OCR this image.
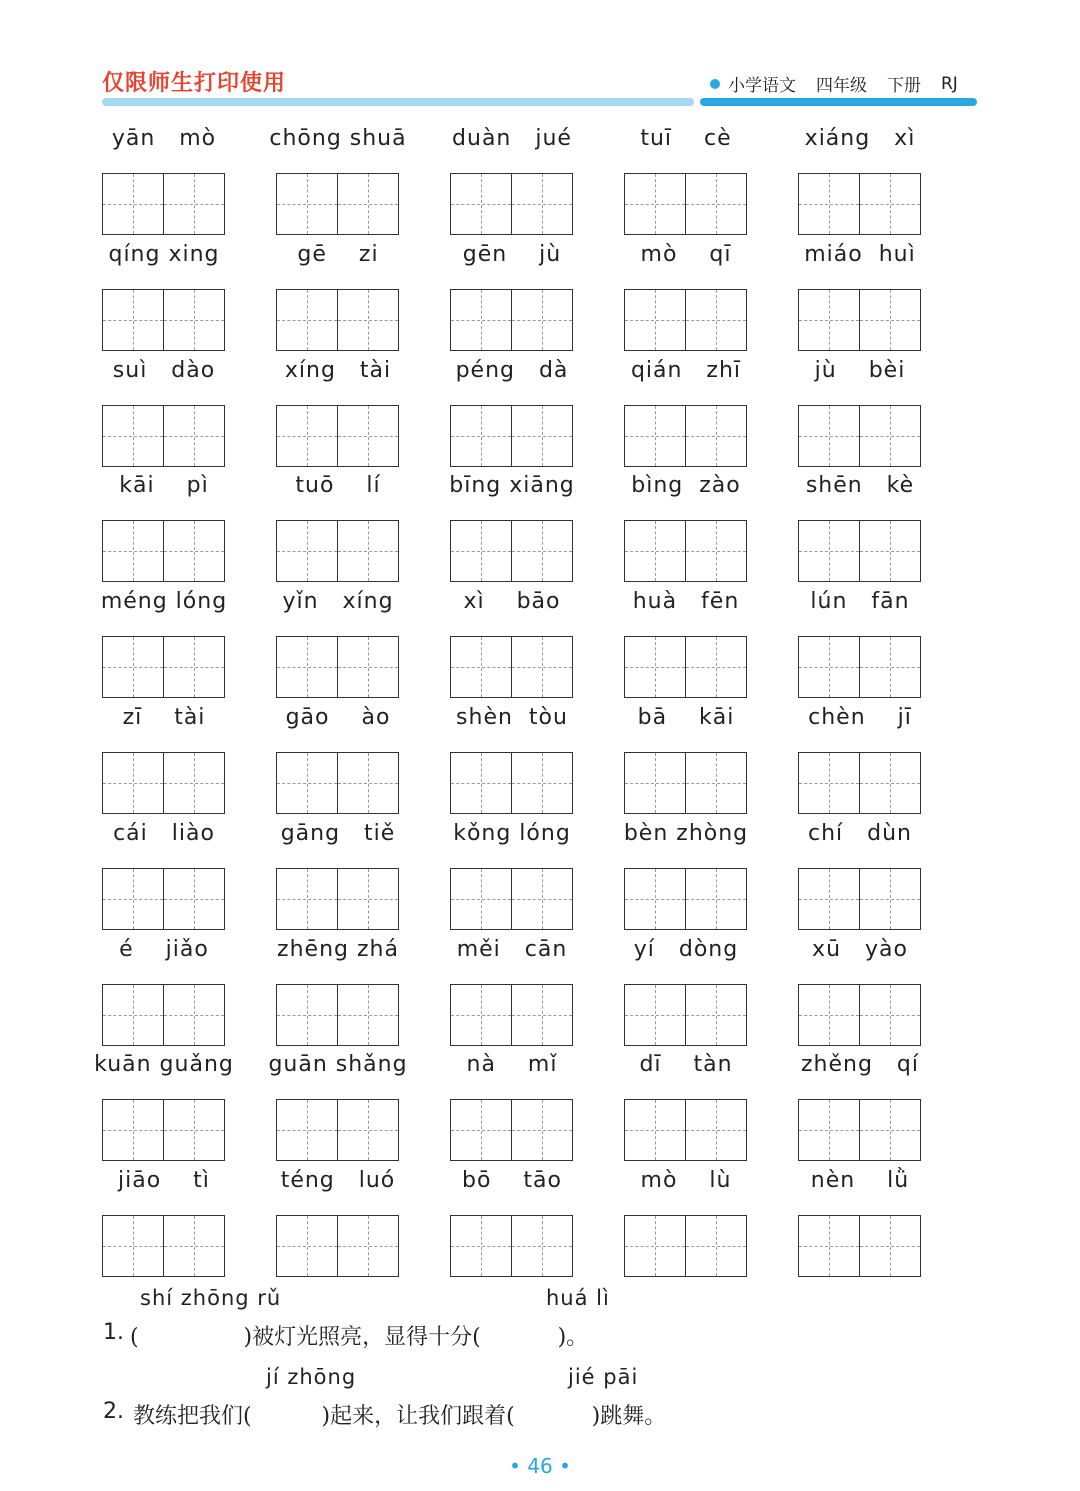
仅限师生打印使用	小学语文 四年级 下册 RJ
yān   mò	chōng shuā	duàn   jué	tuī    cè	xiáng   xì
qíng xing	gē    zi	gēn    jù	mò    qī	miáo  huì
suì   dào	xíng   tài	péng   dà	qián   zhī	jù    bèi
kāi    pì	tuō    lí	bīng xiāng	bìng  zào	shēn   kè
méng lóng	yǐn   xíng	xì    bāo	huà   fēn	lún   fān
zī    tài	gāo    ào	shèn  tòu	bā    kāi	chèn    jī
cái   liào	gāng   tiě	kǒng lóng	bèn zhòng	chí   dùn
é    jiǎo	zhēng zhá	měi   cān	yí   dòng	xū   yào
kuān guǎng	guān shǎng	nà    mǐ	dī    tàn	zhěng   qí
jiāo    tì	téng   luó	bō    tāo	mò    lù	nèn    lǜ
shí zhōng rǔ	huá lì
1. (               )被灯光照亮，显得十分(           )。
jí zhōng	jié pāi
2. 教练把我们(          )起来，让我们跟着(           )跳舞。
• 46 •
